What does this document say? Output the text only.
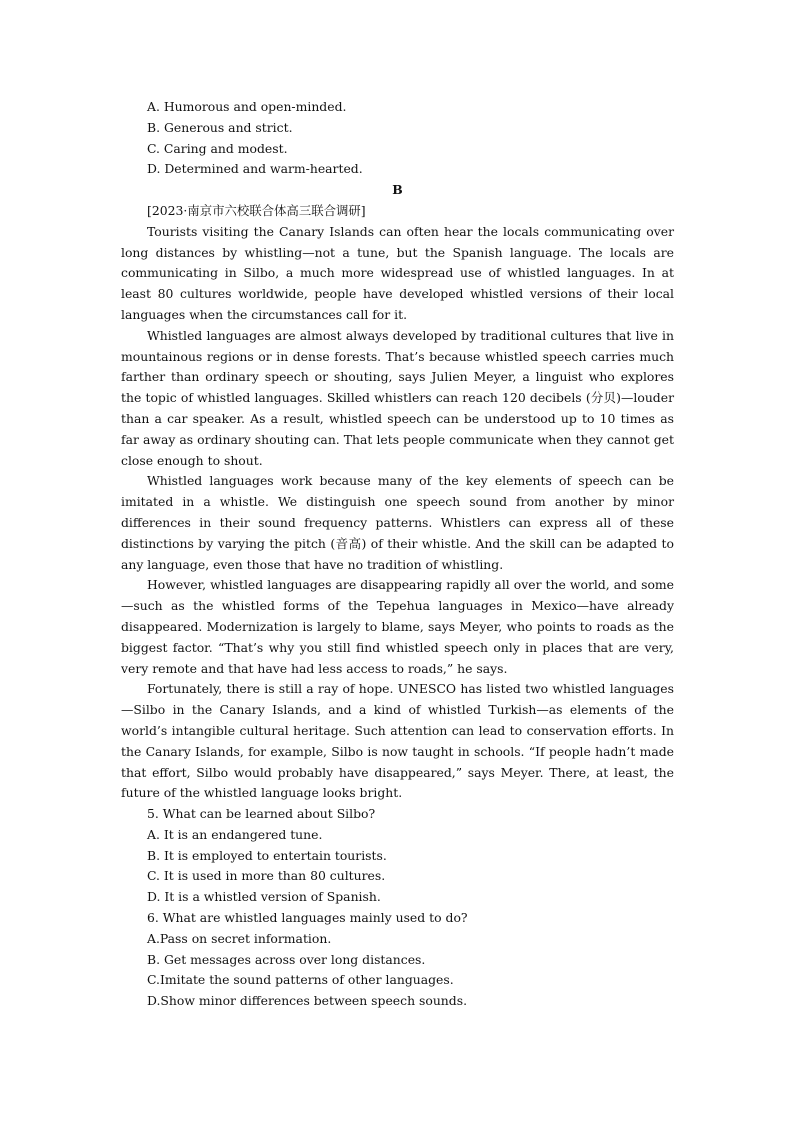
A. Humorous and open-minded.
B. Generous and strict.
C. Caring and modest.
D. Determined and warm-hearted.
B
[2023·南京市六校联合体高三联合调研]
Tourists visiting the Canary Islands can often hear the locals communicating over long distances by whistling—not a tune, but the Spanish language. The locals are communicating in Silbo, a much more widespread use of whistled languages. In at least 80 cultures worldwide, people have developed whistled versions of their local languages when the circumstances call for it.
Whistled languages are almost always developed by traditional cultures that live in mountainous regions or in dense forests. That’s because whistled speech carries much farther than ordinary speech or shouting, says Julien Meyer, a linguist who explores the topic of whistled languages. Skilled whistlers can reach 120 decibels (分贝)—louder than a car speaker. As a result, whistled speech can be understood up to 10 times as far away as ordinary shouting can. That lets people communicate when they cannot get close enough to shout.
Whistled languages work because many of the key elements of speech can be imitated in a whistle. We distinguish one speech sound from another by minor differences in their sound frequency patterns. Whistlers can express all of these distinctions by varying the pitch (音高) of their whistle. And the skill can be adapted to any language, even those that have no tradition of whistling.
However, whistled languages are disappearing rapidly all over the world, and some—such as the whistled forms of the Tepehua languages in Mexico—have already disappeared. Modernization is largely to blame, says Meyer, who points to roads as the biggest factor. “That’s why you still find whistled speech only in places that are very, very remote and that have had less access to roads,” he says.
Fortunately, there is still a ray of hope. UNESCO has listed two whistled languages—Silbo in the Canary Islands, and a kind of whistled Turkish—as elements of the world’s intangible cultural heritage. Such attention can lead to conservation efforts. In the Canary Islands, for example, Silbo is now taught in schools. “If people hadn’t made that effort, Silbo would probably have disappeared,” says Meyer. There, at least, the future of the whistled language looks bright.
5. What can be learned about Silbo?
A. It is an endangered tune.
B. It is employed to entertain tourists.
C. It is used in more than 80 cultures.
D. It is a whistled version of Spanish.
6. What are whistled languages mainly used to do?
A.Pass on secret information.
B. Get messages across over long distances.
C.Imitate the sound patterns of other languages.
D.Show minor differences between speech sounds.
